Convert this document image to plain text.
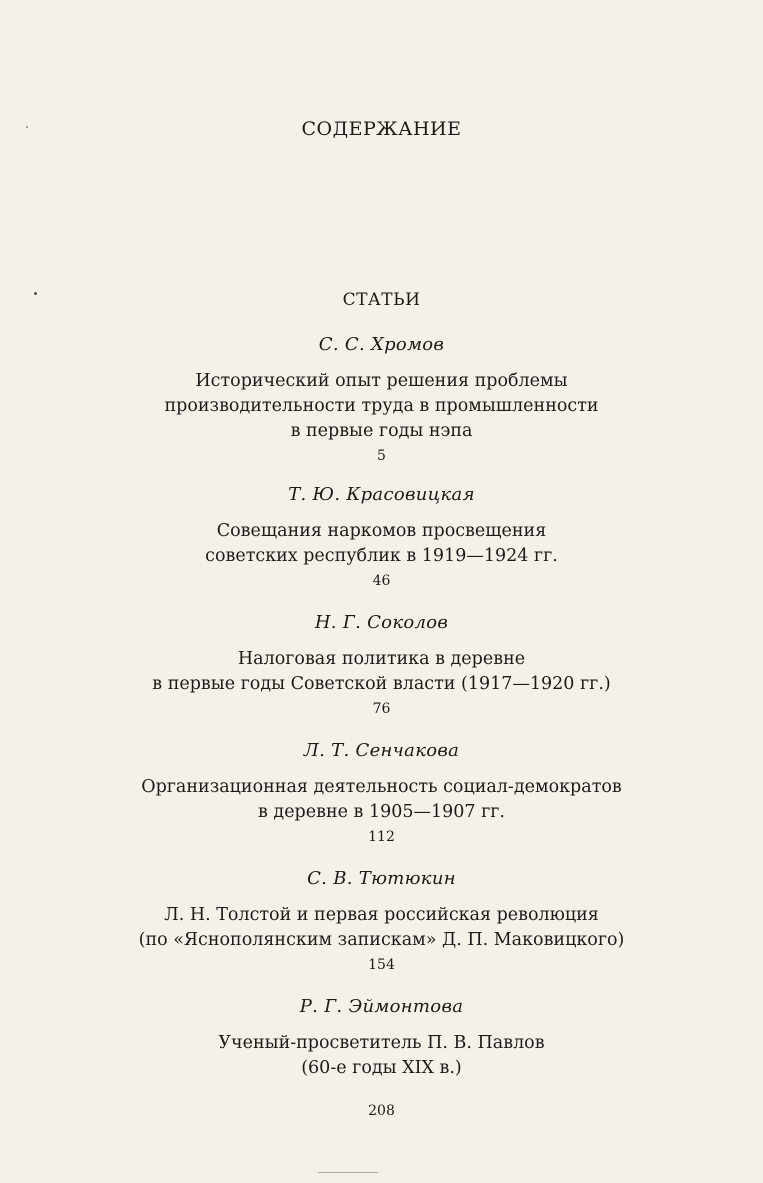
СОДЕРЖАНИЕ
СТАТЬИ
С. С. Хромов
Исторический опыт решения проблемы
производительности труда в промышленности
в первые годы нэпа
5
Т. Ю. Красовицкая
Совещания наркомов просвещения
советских республик в 1919—1924 гг.
46
Н. Г. Соколов
Налоговая политика в деревне
в первые годы Советской власти (1917—1920 гг.)
76
Л. Т. Сенчакова
Организационная деятельность социал-демократов
в деревне в 1905—1907 гг.
112
С. В. Тютюкин
Л. Н. Толстой и первая российская революция
(по «Яснополянским запискам» Д. П. Маковицкого)
154
Р. Г. Эймонтова
Ученый-просветитель П. В. Павлов
(60-е годы XIX в.)
208
